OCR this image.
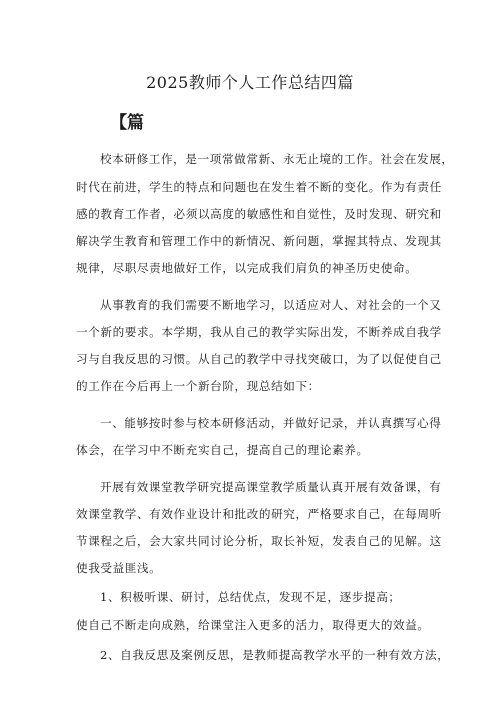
2025教师个人工作总结四篇
【篇
校本研修工作，是一项常做常新、永无止境的工作。社会在发展，
时代在前进，学生的特点和问题也在发生着不断的变化。作为有责任
感的教育工作者，必须以高度的敏感性和自觉性，及时发现、研究和
解决学生教育和管理工作中的新情况、新问题，掌握其特点、发现其
规律，尽职尽责地做好工作，以完成我们肩负的神圣历史使命。
从事教育的我们需要不断地学习，以适应对人、对社会的一个又
一个新的要求。本学期，我从自己的教学实际出发，不断养成自我学
习与自我反思的习惯。从自己的教学中寻找突破口，为了以促使自己
的工作在今后再上一个新台阶，现总结如下：
一、能够按时参与校本研修活动，并做好记录，并认真撰写心得
体会，在学习中不断充实自己，提高自己的理论素养。
开展有效课堂教学研究提高课堂教学质量认真开展有效备课，有
效课堂教学、有效作业设计和批改的研究，严格要求自己，在每周听
节课程之后，会大家共同讨论分析，取长补短，发表自己的见解。这
使我受益匪浅。
1、积极听课、研讨，总结优点，发现不足，逐步提高；
使自己不断走向成熟，给课堂注入更多的活力，取得更大的效益。
2、自我反思及案例反思，是教师提高教学水平的一种有效方法，
